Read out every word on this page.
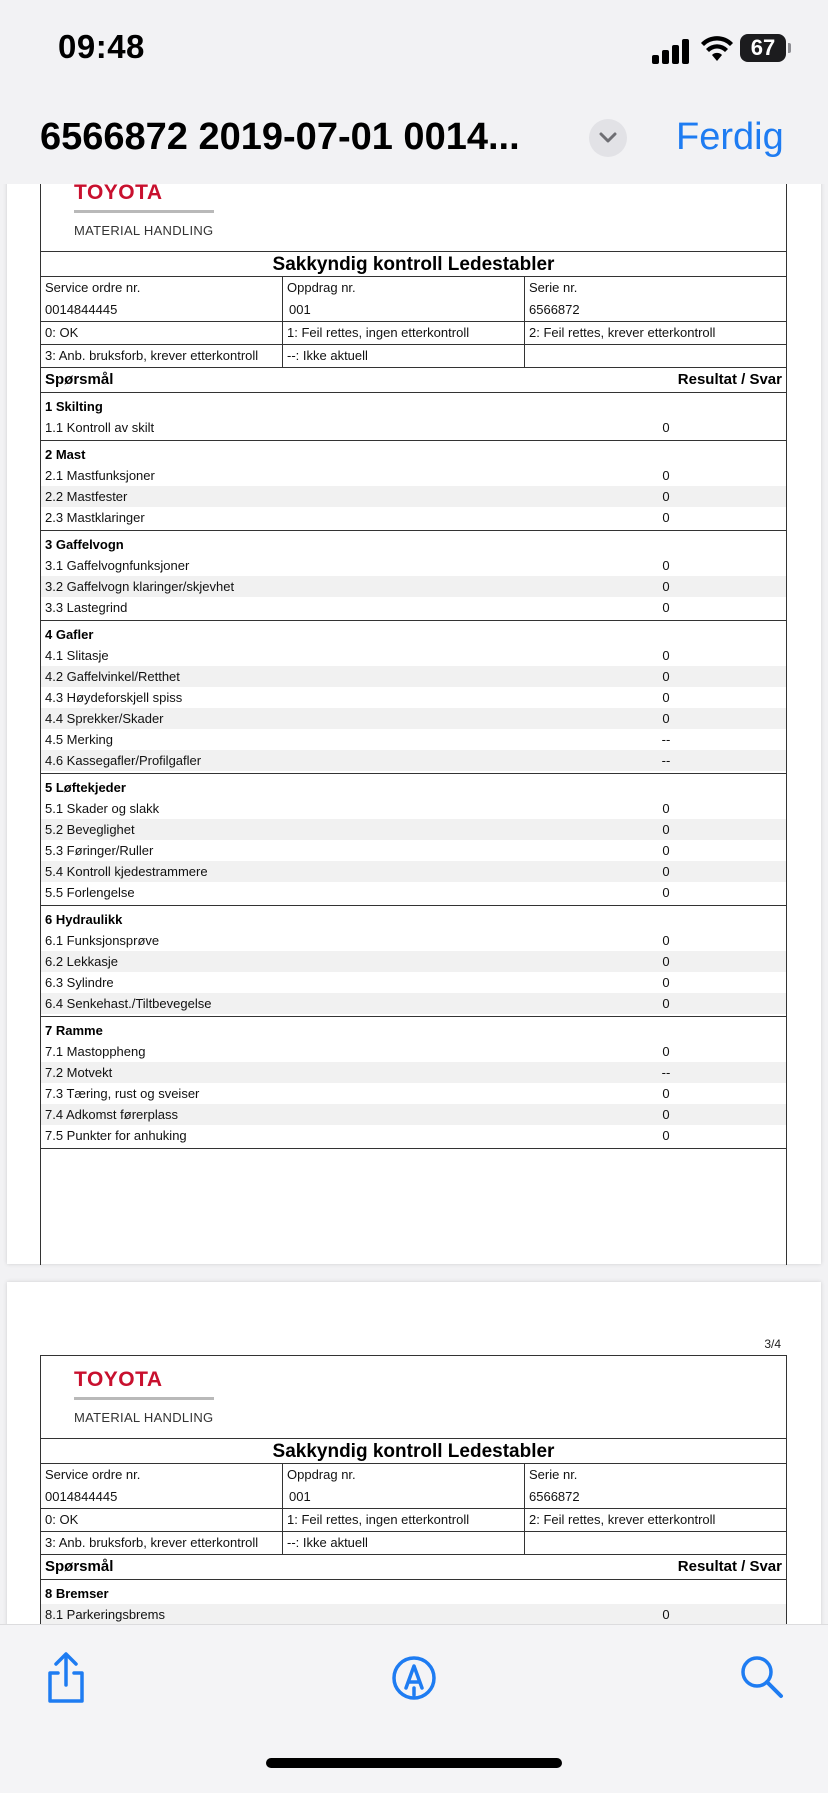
09:48	67
6566872 2019-07-01 0014...	Ferdig
TOYOTA
MATERIAL HANDLING
Sakkyndig kontroll Ledestabler
Service ordre nr.	Oppdrag nr.	Serie nr.
0014844445	001	6566872
0: OK	1: Feil rettes, ingen etterkontroll	2: Feil rettes, krever etterkontroll
3: Anb. bruksforb, krever etterkontroll	--: Ikke aktuell
Spørsmål	Resultat / Svar
1 Skilting
1.1 Kontroll av skilt	0
2 Mast
2.1 Mastfunksjoner	0
2.2 Mastfester	0
2.3 Mastklaringer	0
3 Gaffelvogn
3.1 Gaffelvognfunksjoner	0
3.2 Gaffelvogn klaringer/skjevhet	0
3.3 Lastegrind	0
4 Gafler
4.1 Slitasje	0
4.2 Gaffelvinkel/Retthet	0
4.3 Høydeforskjell spiss	0
4.4 Sprekker/Skader	0
4.5 Merking	--
4.6 Kassegafler/Profilgafler	--
5 Løftekjeder
5.1 Skader og slakk	0
5.2 Beveglighet	0
5.3 Føringer/Ruller	0
5.4 Kontroll kjedestrammere	0
5.5 Forlengelse	0
6 Hydraulikk
6.1 Funksjonsprøve	0
6.2 Lekkasje	0
6.3 Sylindre	0
6.4 Senkehast./Tiltbevegelse	0
7 Ramme
7.1 Mastoppheng	0
7.2 Motvekt	--
7.3 Tæring, rust og sveiser	0
7.4 Adkomst førerplass	0
7.5 Punkter for anhuking	0
3/4
TOYOTA
MATERIAL HANDLING
Sakkyndig kontroll Ledestabler
Service ordre nr.	Oppdrag nr.	Serie nr.
0014844445	001	6566872
0: OK	1: Feil rettes, ingen etterkontroll	2: Feil rettes, krever etterkontroll
3: Anb. bruksforb, krever etterkontroll	--: Ikke aktuell
Spørsmål	Resultat / Svar
8 Bremser
8.1 Parkeringsbrems	0
